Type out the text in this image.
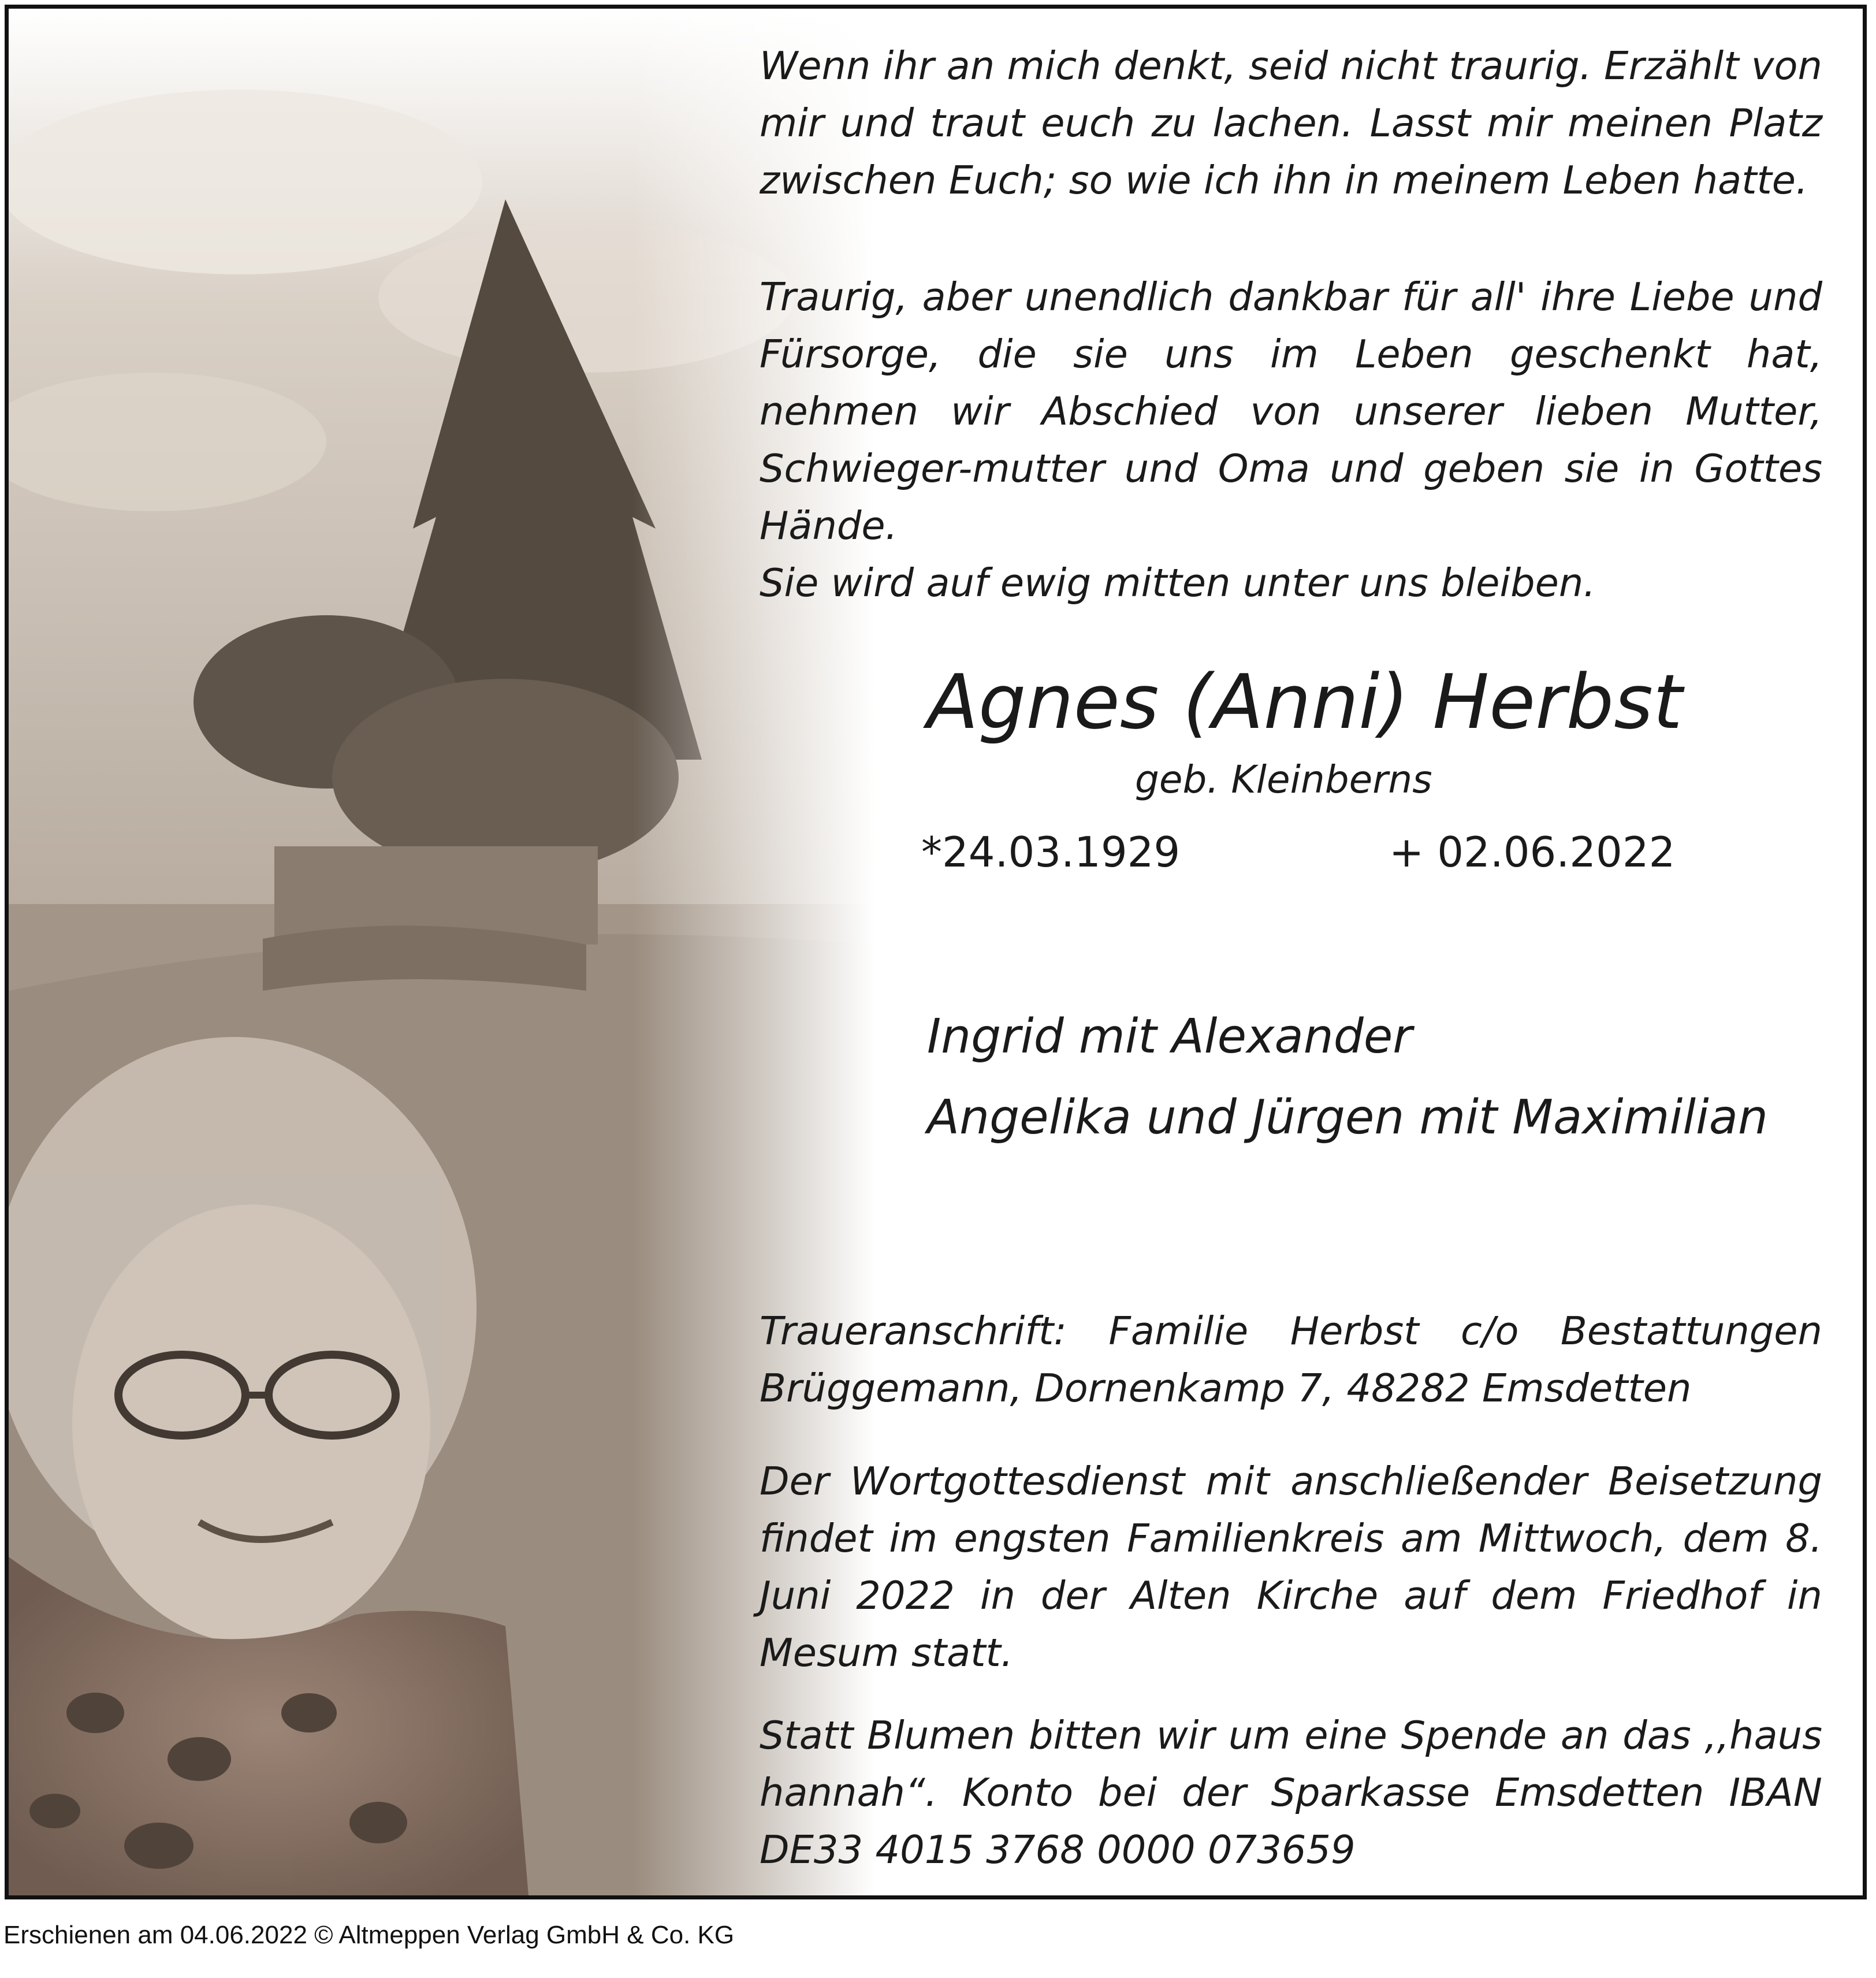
Wenn ihr an mich denkt, seid nicht traurig. Erzählt von mir und traut euch zu lachen. Lasst mir meinen Platz zwischen Euch; so wie ich ihn in meinem Leben hatte.

Traurig, aber unendlich dankbar für all' ihre Liebe und Fürsorge, die sie uns im Leben geschenkt hat, nehmen wir Abschied von unserer lieben Mutter, Schwieger-mutter und Oma und geben sie in Gottes Hände.

Sie wird auf ewig mitten unter uns bleiben.

Agnes (Anni) Herbst
geb. Kleinberns
*24.03.1929	+ 02.06.2022
Ingrid mit Alexander
Angelika und Jürgen mit Maximilian

Traueranschrift: Familie Herbst c/o Bestattungen Brüggemann, Dornenkamp 7, 48282 Emsdetten

Der Wortgottesdienst mit anschließender Beisetzung findet im engsten Familienkreis am Mittwoch, dem 8. Juni 2022 in der Alten Kirche auf dem Friedhof in Mesum statt.

Statt Blumen bitten wir um eine Spende an das ,,haus hannah“. Konto bei der Sparkasse Emsdetten IBAN DE33 4015 3768 0000 073659

Erschienen am 04.06.2022 © Altmeppen Verlag GmbH & Co. KG
